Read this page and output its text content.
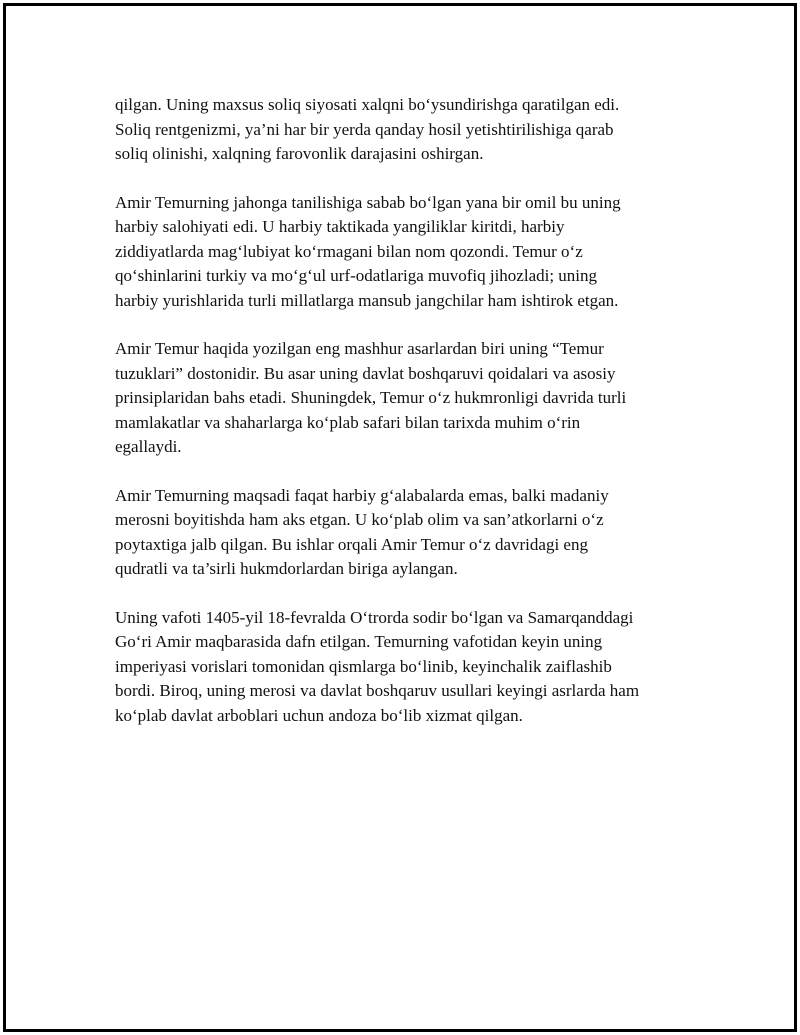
qilgan. Uning maxsus soliq siyosati xalqni bo‘ysundirishga qaratilgan edi.
Soliq rentgenizmi, ya’ni har bir yerda qanday hosil yetishtirilishiga qarab
soliq olinishi, xalqning farovonlik darajasini oshirgan.

Amir Temurning jahonga tanilishiga sabab bo‘lgan yana bir omil bu uning
harbiy salohiyati edi. U harbiy taktikada yangiliklar kiritdi, harbiy
ziddiyatlarda mag‘lubiyat ko‘rmagani bilan nom qozondi. Temur o‘z
qo‘shinlarini turkiy va mo‘g‘ul urf-odatlariga muvofiq jihozladi; uning
harbiy yurishlarida turli millatlarga mansub jangchilar ham ishtirok etgan.

Amir Temur haqida yozilgan eng mashhur asarlardan biri uning “Temur
tuzuklari” dostonidir. Bu asar uning davlat boshqaruvi qoidalari va asosiy
prinsiplaridan bahs etadi. Shuningdek, Temur o‘z hukmronligi davrida turli
mamlakatlar va shaharlarga ko‘plab safari bilan tarixda muhim o‘rin
egallaydi.

Amir Temurning maqsadi faqat harbiy g‘alabalarda emas, balki madaniy
merosni boyitishda ham aks etgan. U ko‘plab olim va san’atkorlarni o‘z
poytaxtiga jalb qilgan. Bu ishlar orqali Amir Temur o‘z davridagi eng
qudratli va ta’sirli hukmdorlardan biriga aylangan.

Uning vafoti 1405-yil 18-fevralda O‘trorda sodir bo‘lgan va Samarqanddagi
Go‘ri Amir maqbarasida dafn etilgan. Temurning vafotidan keyin uning
imperiyasi vorislari tomonidan qismlarga bo‘linib, keyinchalik zaiflashib
bordi. Biroq, uning merosi va davlat boshqaruv usullari keyingi asrlarda ham
ko‘plab davlat arboblari uchun andoza bo‘lib xizmat qilgan.
